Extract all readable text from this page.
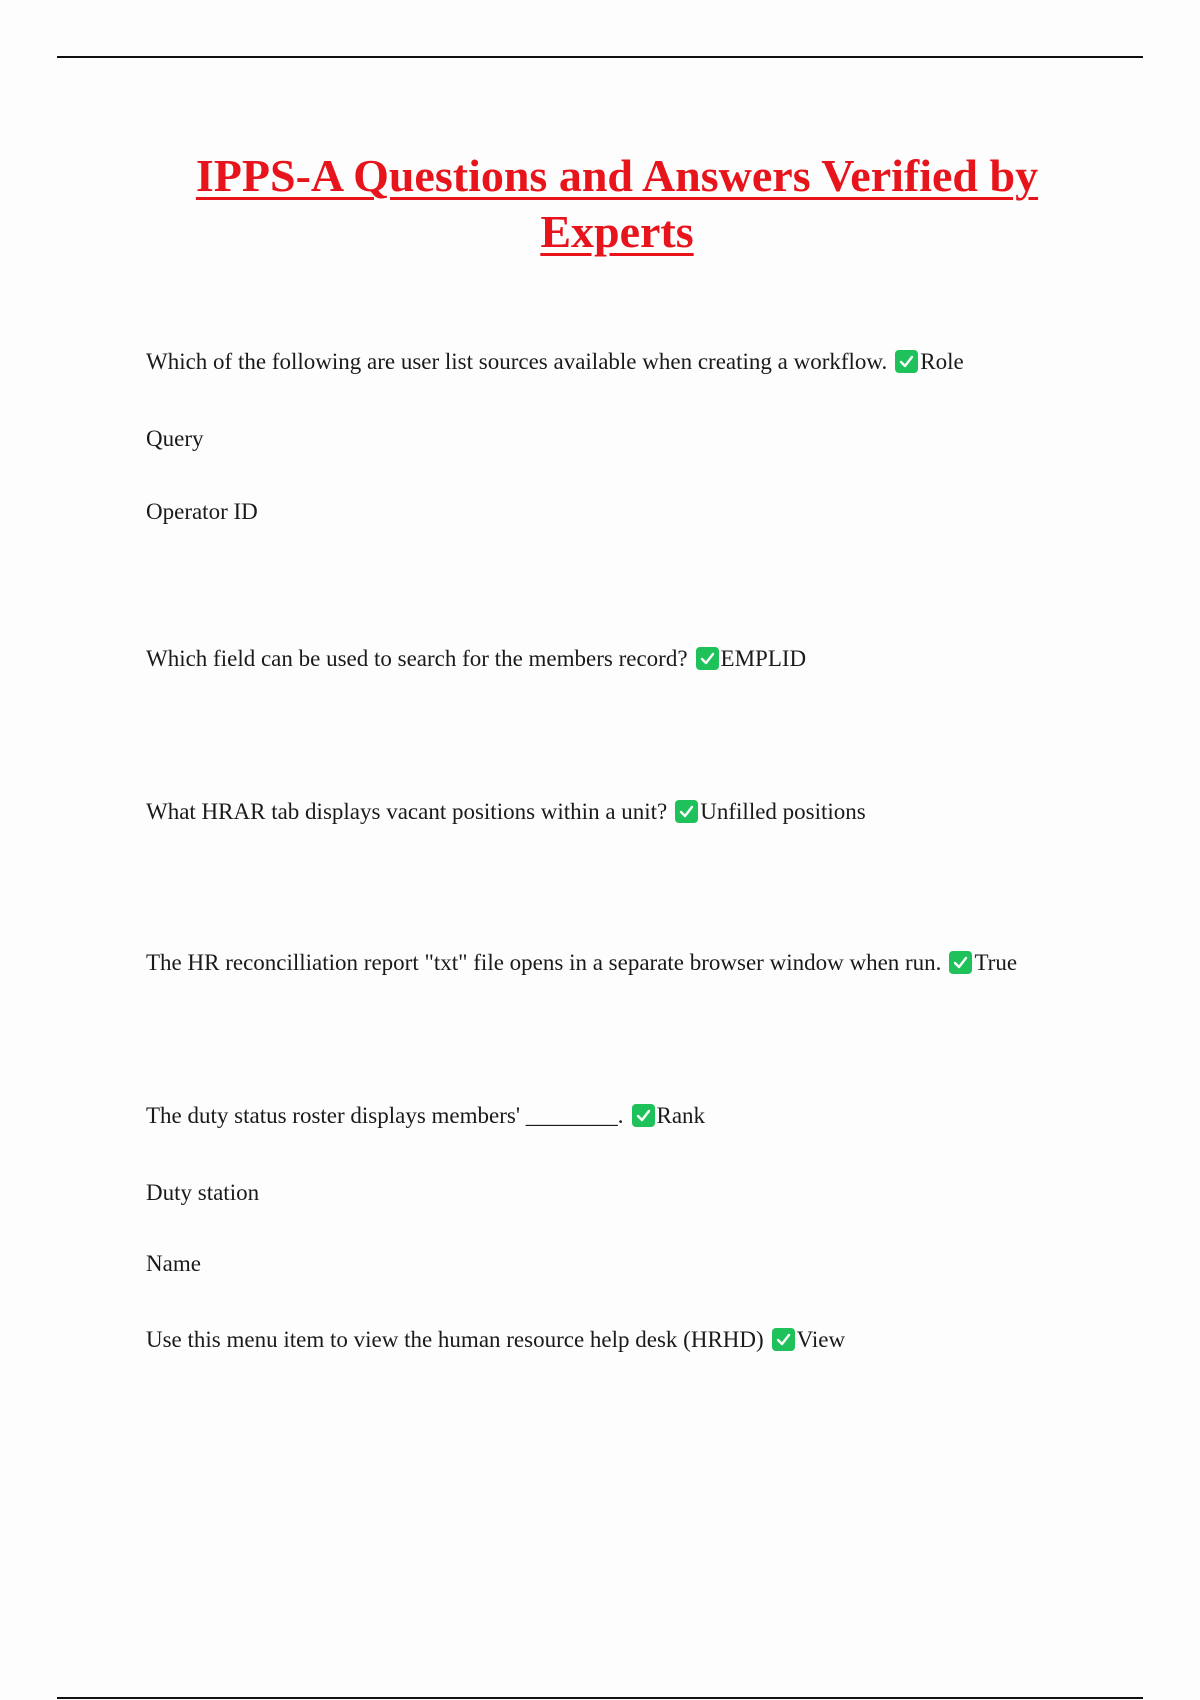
IPPS-A Questions and Answers Verified by Experts
Which of the following are user list sources available when creating a workflow. Role
Query
Operator ID
Which field can be used to search for the members record? EMPLID
What HRAR tab displays vacant positions within a unit? Unfilled positions
The HR reconcilliation report "txt" file opens in a separate browser window when run. True
The duty status roster displays members' ________. Rank
Duty station
Name
Use this menu item to view the human resource help desk (HRHD) View
